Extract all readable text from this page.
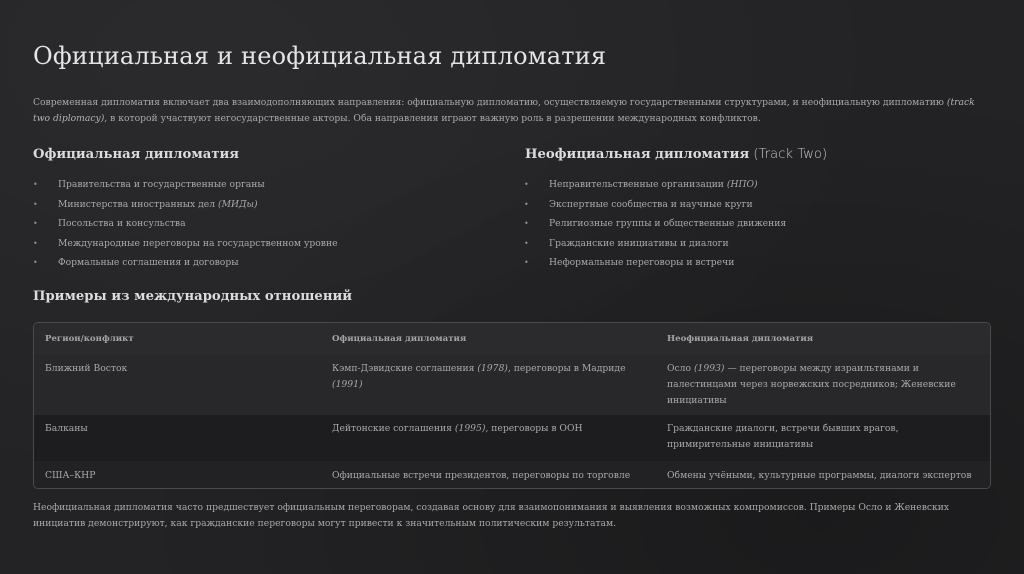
Официальная и неофициальная дипломатия

Современная дипломатия включает два взаимодополняющих направления: официальную дипломатию, осуществляемую государственными структурами, и неофициальную дипломатию (track two diplomacy), в которой участвуют негосударственные акторы. Оба направления играют важную роль в разрешении международных конфликтов.

Официальная дипломатия	Неофициальная дипломатия (Track Two)
• Правительства и государственные органы
• Министерства иностранных дел (МИДы)
• Посольства и консульства
• Международные переговоры на государственном уровне
• Формальные соглашения и договоры
• Неправительственные организации (НПО)
• Экспертные сообщества и научные круги
• Религиозные группы и общественные движения
• Гражданские инициативы и диалоги
• Неформальные переговоры и встречи
Примеры из международных отношений
Регион/конфликт	Официальная дипломатия	Неофициальная дипломатия
Ближний Восток	Кэмп-Дэвидские соглашения (1978), переговоры в Мадриде (1991)	Осло (1993) — переговоры между израильтянами и палестинцами через норвежских посредников; Женевские инициативы
Балканы	Дейтонские соглашения (1995), переговоры в ООН	Гражданские диалоги, встречи бывших врагов, примирительные инициативы
США–КНР	Официальные встречи президентов, переговоры по торговле	Обмены учёными, культурные программы, диалоги экспертов

Неофициальная дипломатия часто предшествует официальным переговорам, создавая основу для взаимопонимания и выявления возможных компромиссов. Примеры Осло и Женевских инициатив демонстрируют, как гражданские переговоры могут привести к значительным политическим результатам.
